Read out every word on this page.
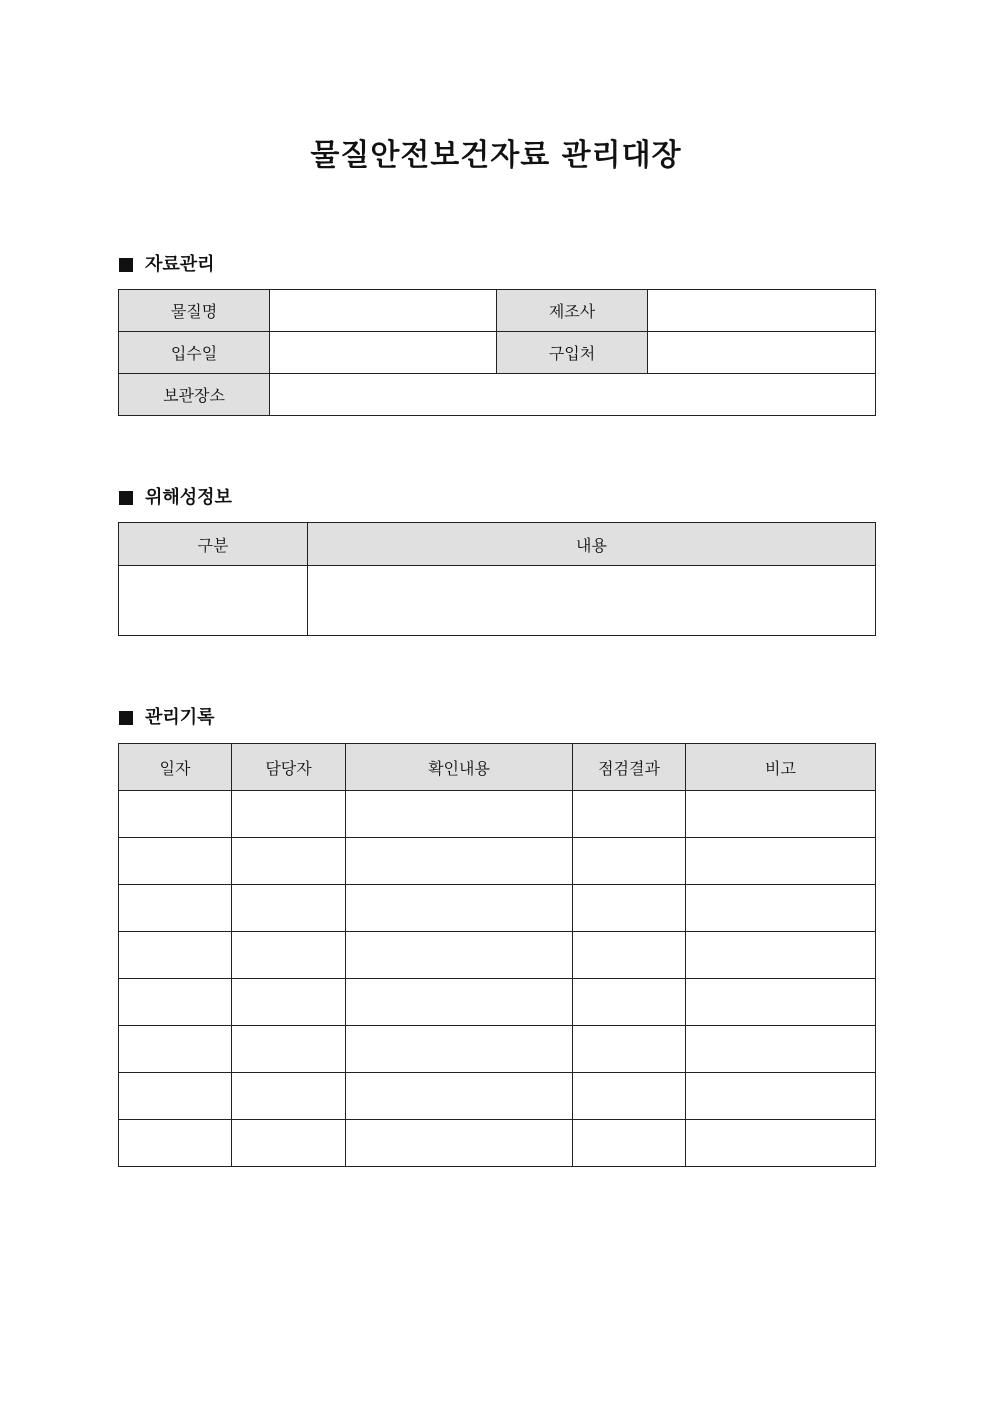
물질안전보건자료 관리대장
자료관리
물질명		제조사	
입수일		구입처	
보관장소			
위해성정보
구분	내용

관리기록
일자	담당자	확인내용	점검결과	비고
